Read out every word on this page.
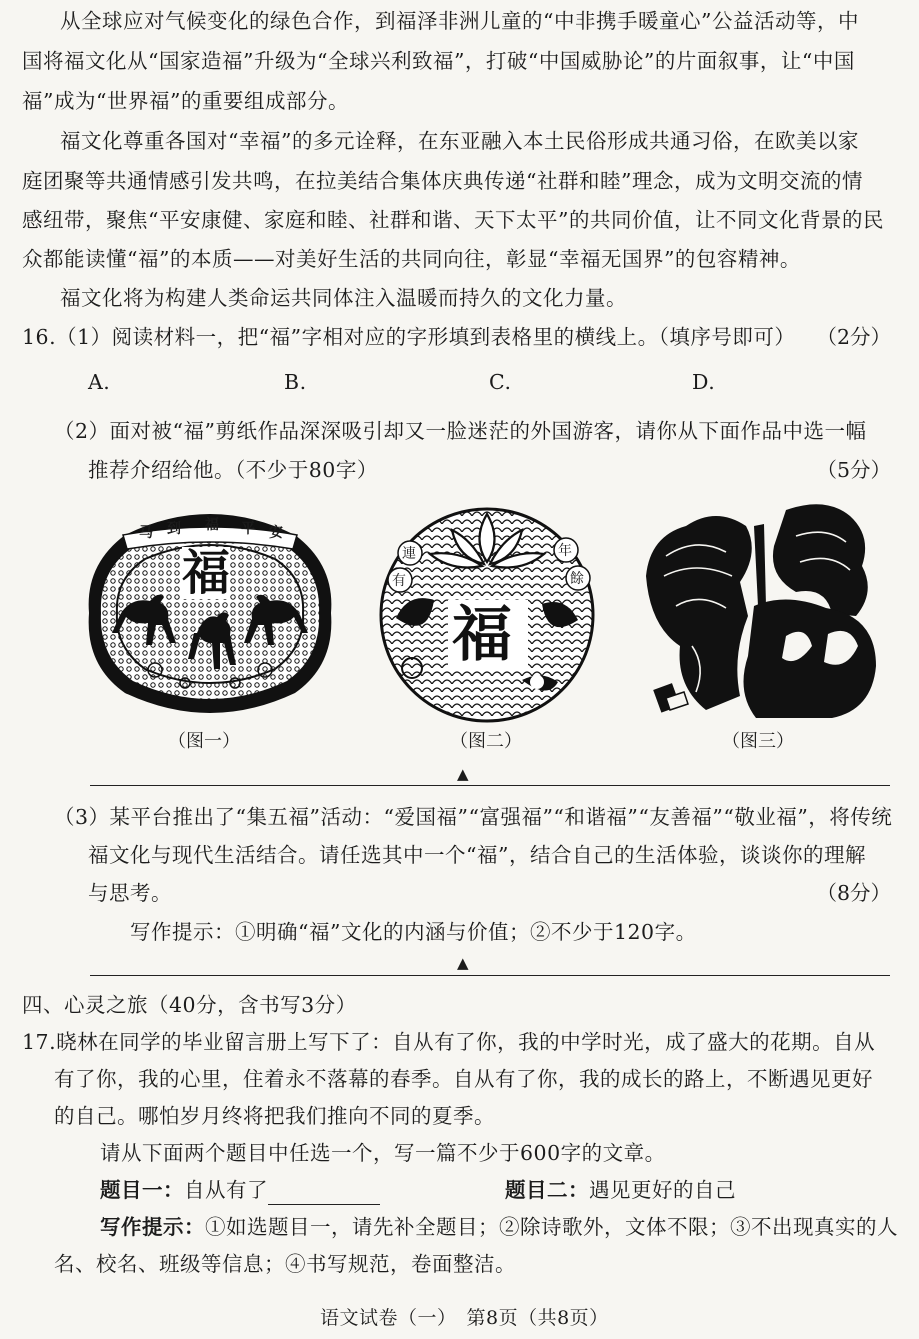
从全球应对气候变化的绿色合作，到福泽非洲儿童的“中非携手暖童心”公益活动等，中
国将福文化从“国家造福”升级为“全球兴利致福”，打破“中国威胁论”的片面叙事，让“中国
福”成为“世界福”的重要组成部分。
福文化尊重各国对“幸福”的多元诠释，在东亚融入本土民俗形成共通习俗，在欧美以家
庭团聚等共通情感引发共鸣，在拉美结合集体庆典传递“社群和睦”理念，成为文明交流的情
感纽带，聚焦“平安康健、家庭和睦、社群和谐、天下太平”的共同价值，让不同文化背景的民
众都能读懂“福”的本质——对美好生活的共同向往，彰显“幸福无国界”的包容精神。
福文化将为构建人类命运共同体注入温暖而持久的文化力量。
16.（1）阅读材料一，把“福”字相对应的字形填到表格里的横线上。（填序号即可） （2分）
A.	B.	C.	D.
（2）面对被“福”剪纸作品深深吸引却又一脸迷茫的外国游客，请你从下面作品中选一幅
推荐介绍给他。（不少于80字）	（5分）
马 到 福 平 安
福
（图一）
連	年
有	餘
福
（图二）	（图三）
▲
（3）某平台推出了“集五福”活动：“爱国福”“富强福”“和谐福”“友善福”“敬业福”，将传统
福文化与现代生活结合。请任选其中一个“福”，结合自己的生活体验，谈谈你的理解
与思考。	（8分）
写作提示：①明确“福”文化的内涵与价值；②不少于120字。
▲
四、心灵之旅（40分，含书写3分）
17.晓林在同学的毕业留言册上写下了：自从有了你，我的中学时光，成了盛大的花期。自从
有了你，我的心里，住着永不落幕的春季。自从有了你，我的成长的路上，不断遇见更好
的自己。哪怕岁月终将把我们推向不同的夏季。
请从下面两个题目中任选一个，写一篇不少于600字的文章。
题目一：自从有了	题目二：遇见更好的自己
写作提示：①如选题目一，请先补全题目；②除诗歌外，文体不限；③不出现真实的人
名、校名、班级等信息；④书写规范，卷面整洁。
语文试卷（一）　第8页（共8页）
